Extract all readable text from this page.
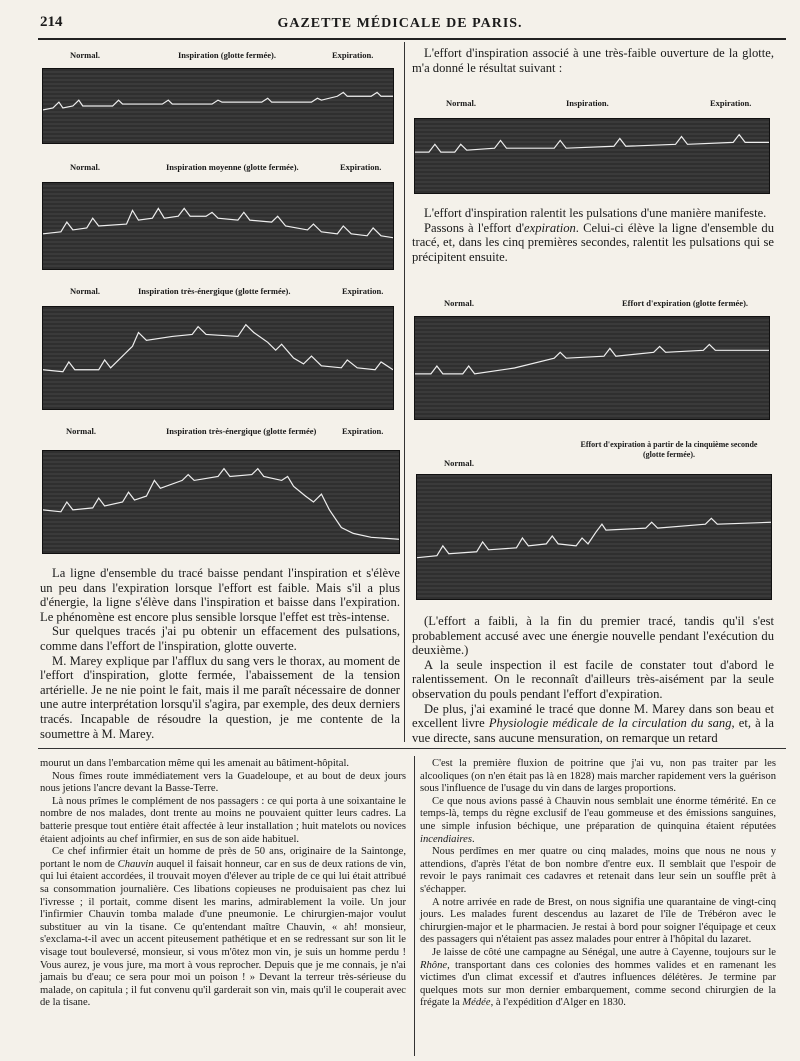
214	GAZETTE MÉDICALE DE PARIS.
Normal.	Inspiration (glotte fermée).	Expiration.
Normal.	Inspiration moyenne (glotte fermée).	Expiration.
Normal.	Inspiration très-énergique (glotte fermée).	Expiration.
Normal.	Inspiration très-énergique (glotte fermée)	Expiration.

La ligne d'ensemble du tracé baisse pendant l'inspiration et s'élève un peu dans l'expiration lorsque l'effort est faible. Mais s'il a plus d'énergie, la ligne s'élève dans l'inspiration et baisse dans l'expiration. Le phénomène est encore plus sensible lorsque l'effet est très-intense.

Sur quelques tracés j'ai pu obtenir un effacement des pulsations, comme dans l'effort de l'inspiration, glotte ouverte.

M. Marey explique par l'afflux du sang vers le thorax, au moment de l'effort d'inspiration, glotte fermée, l'abaissement de la tension artérielle. Je ne nie point le fait, mais il me paraît nécessaire de donner une autre interprétation lorsqu'il s'agira, par exemple, des deux derniers tracés. Incapable de résoudre la question, je me contente de la soumettre à M. Marey.

L'effort d'inspiration associé à une très-faible ouverture de la glotte, m'a donné le résultat suivant :

Normal.	Inspiration.	Expiration.

L'effort d'inspiration ralentit les pulsations d'une manière manifeste.

Passons à l'effort d'expiration. Celui-ci élève la ligne d'ensemble du tracé, et, dans les cinq premières secondes, ralentit les pulsations qui se précipitent ensuite.

Normal.	Effort d'expiration (glotte fermée).
Normal.
Effort d'expiration à partir de la cinquième seconde
(glotte fermée).

(L'effort a faibli, à la fin du premier tracé, tandis qu'il s'est probablement accusé avec une énergie nouvelle pendant l'exécution du deuxième.)

A la seule inspection il est facile de constater tout d'abord le ralentissement. On le reconnaît d'ailleurs très-aisément par la seule observation du pouls pendant l'effort d'expiration.

De plus, j'ai examiné le tracé que donne M. Marey dans son beau et excellent livre Physiologie médicale de la circulation du sang, et, à la vue directe, sans aucune mensuration, on remarque un retard

mourut un dans l'embarcation même qui les amenait au bâtiment-hôpital.

Nous fîmes route immédiatement vers la Guadeloupe, et au bout de deux jours nous jetions l'ancre devant la Basse-Terre.

Là nous prîmes le complément de nos passagers : ce qui porta à une soixantaine le nombre de nos malades, dont trente au moins ne pouvaient quitter leurs cadres. La batterie presque tout entière était affectée à leur installation ; huit matelots ou novices étaient adjoints au chef infirmier, en sus de son aide habituel.

Ce chef infirmier était un homme de près de 50 ans, originaire de la Saintonge, portant le nom de Chauvin auquel il faisait honneur, car en sus de deux rations de vin, qui lui étaient accordées, il trouvait moyen d'élever au triple de ce qui lui était attribué sa consommation journalière. Ces libations copieuses ne produisaient pas chez lui l'ivresse ; il portait, comme disent les marins, admirablement la voile. Un jour l'infirmier Chauvin tomba malade d'une pneumonie. Le chirurgien-major voulut substituer au vin la tisane. Ce qu'entendant maître Chauvin, « ah! monsieur, s'exclama-t-il avec un accent piteusement pathétique et en se redressant sur son lit le visage tout bouleversé, monsieur, si vous m'ôtez mon vin, je suis un homme perdu ! Vous aurez, je vous jure, ma mort à vous reprocher. Depuis que je me connais, je n'ai jamais bu d'eau; ce sera pour moi un poison ! » Devant la terreur très-sérieuse du malade, on capitula ; il fut convenu qu'il garderait son vin, mais qu'il le couperait avec de la tisane.

C'est la première fluxion de poitrine que j'ai vu, non pas traiter par les alcooliques (on n'en était pas là en 1828) mais marcher rapidement vers la guérison sous l'influence de l'usage du vin dans de larges proportions.

Ce que nous avions passé à Chauvin nous semblait une énorme témérité. En ce temps-là, temps du règne exclusif de l'eau gommeuse et des émissions sanguines, une simple infusion béchique, une préparation de quinquina étaient réputées incendiaires.

Nous perdîmes en mer quatre ou cinq malades, moins que nous ne nous y attendions, d'après l'état de bon nombre d'entre eux. Il semblait que l'espoir de revoir le pays ranimait ces cadavres et retenait dans leur sein un souffle prêt à s'échapper.

A notre arrivée en rade de Brest, on nous signifia une quarantaine de vingt-cinq jours. Les malades furent descendus au lazaret de l'île de Trébéron avec le chirurgien-major et le pharmacien. Je restai à bord pour soigner l'équipage et ceux des passagers qui n'étaient pas assez malades pour entrer à l'hôpital du lazaret.

Je laisse de côté une campagne au Sénégal, une autre à Cayenne, toujours sur le Rhône, transportant dans ces colonies des hommes valides et en ramenant les victimes d'un climat excessif et d'autres influences délétères. Je termine par quelques mots sur mon dernier embarquement, comme second chirurgien de la frégate la Médée, à l'expédition d'Alger en 1830.
